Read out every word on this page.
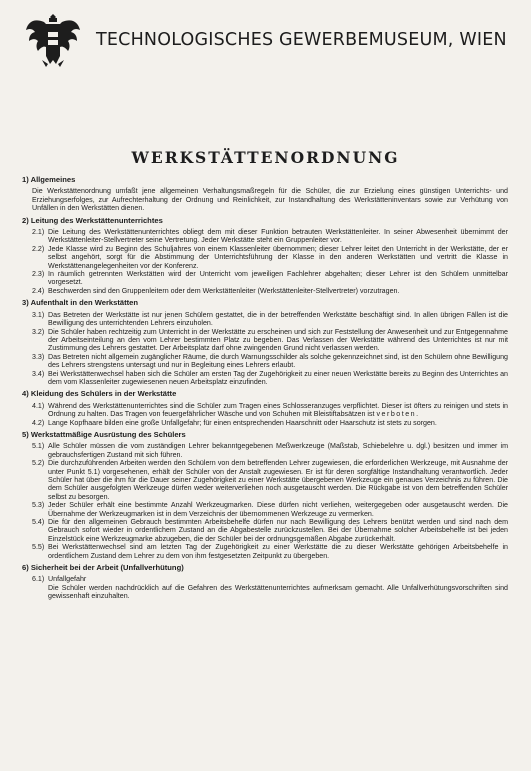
TECHNOLOGISCHES GEWERBEMUSEUM, WIEN
WERKSTÄTTENORDNUNG
1) Allgemeines
Die Werkstättenordnung umfaßt jene allgemeinen Verhaltungsmaßregeln für die Schüler, die zur Erzielung eines günstigen Unterrichts- und Erziehungserfolges, zur Aufrechterhaltung der Ordnung und Reinlichkeit, zur Instandhaltung des Werkstätteninventars sowie zur Verhütung von Unfällen in den Werkstätten dienen.
2) Leitung des Werkstättenunterrichtes
2.1) Die Leitung des Werkstättenunterrichtes obliegt dem mit dieser Funktion betrauten Werkstättenleiter. In seiner Abwesenheit übernimmt der Werkstättenleiter-Stellvertreter seine Vertretung. Jeder Werkstätte steht ein Gruppenleiter vor.
2.2) Jede Klasse wird zu Beginn des Schuljahres von einem Klassenleiter übernommen; dieser Lehrer leitet den Unterricht in der Werkstätte, der er selbst angehört, sorgt für die Abstimmung der Unterrichtsführung der Klasse in den anderen Werkstätten und vertritt die Klasse in Werkstättenangelegenheiten vor der Konferenz.
2.3) In räumlich getrennten Werkstätten wird der Unterricht vom jeweiligen Fachlehrer abgehalten; dieser Lehrer ist den Schülern unmittelbar vorgesetzt.
2.4) Beschwerden sind den Gruppenleitern oder dem Werkstättenleiter (Werkstättenleiter-Stellvertreter) vorzutragen.
3) Aufenthalt in den Werkstätten
3.1) Das Betreten der Werkstätte ist nur jenen Schülern gestattet, die in der betreffenden Werkstätte beschäftigt sind. In allen übrigen Fällen ist die Bewilligung des unterrichtenden Lehrers einzuholen.
3.2) Die Schüler haben rechtzeitig zum Unterricht in der Werkstätte zu erscheinen und sich zur Feststellung der Anwesenheit und zur Entgegennahme der Arbeitseinteilung an den vom Lehrer bestimmten Platz zu begeben. Das Verlassen der Werkstätte während des Unterrichtes ist nur mit Zustimmung des Lehrers gestattet. Der Arbeitsplatz darf ohne zwingenden Grund nicht verlassen werden.
3.3) Das Betreten nicht allgemein zugänglicher Räume, die durch Warnungsschilder als solche gekennzeichnet sind, ist den Schülern ohne Bewilligung des Lehrers strengstens untersagt und nur in Begleitung eines Lehrers erlaubt.
3.4) Bei Werkstättenwechsel haben sich die Schüler am ersten Tag der Zugehörigkeit zu einer neuen Werkstätte bereits zu Beginn des Unterrichtes an dem vom Klassenleiter zugewiesenen neuen Arbeitsplatz einzufinden.
4) Kleidung des Schülers in der Werkstätte
4.1) Während des Werkstättenunterrichtes sind die Schüler zum Tragen eines Schlosseranzuges verpflichtet. Dieser ist öfters zu reinigen und stets in Ordnung zu halten. Das Tragen von feuergefährlicher Wäsche und von Schuhen mit Bleistiftabsätzen ist verboten.
4.2) Lange Kopfhaare bilden eine große Unfallgefahr; für einen entsprechenden Haarschnitt oder Haarschutz ist stets zu sorgen.
5) Werkstattmäßige Ausrüstung des Schülers
5.1) Alle Schüler müssen die vom zuständigen Lehrer bekanntgegebenen Meßwerkzeuge (Maßstab, Schiebelehre u. dgl.) besitzen und immer im gebrauchsfertigen Zustand mit sich führen.
5.2) Die durchzuführenden Arbeiten werden den Schülern von dem betreffenden Lehrer zugewiesen, die erforderlichen Werkzeuge, mit Ausnahme der unter Punkt 5.1) vorgesehenen, erhält der Schüler von der Anstalt zugewiesen. Er ist für deren sorgfältige Instandhaltung verantwortlich. Jeder Schüler hat über die ihm für die Dauer seiner Zugehörigkeit zu einer Werkstätte übergebenen Werkzeuge ein genaues Verzeichnis zu führen. Die dem Schüler ausgefolgten Werkzeuge dürfen weder weiterverliehen noch ausgetauscht werden. Die Rückgabe ist von dem betreffenden Schüler selbst zu besorgen.
5.3) Jeder Schüler erhält eine bestimmte Anzahl Werkzeugmarken. Diese dürfen nicht verliehen, weitergegeben oder ausgetauscht werden. Die Übernahme der Werkzeugmarken ist in dem Verzeichnis der übernommenen Werkzeuge zu vermerken.
5.4) Die für den allgemeinen Gebrauch bestimmten Arbeitsbehelfe dürfen nur nach Bewilligung des Lehrers benützt werden und sind nach dem Gebrauch sofort wieder in ordentlichem Zustand an die Abgabestelle zurückzustellen. Bei der Übernahme solcher Arbeitsbehelfe ist bei jeden Einzelstück eine Werkzeugmarke abzugeben, die der Schüler bei der ordnungsgemäßen Abgabe zurückerhält.
5.5) Bei Werkstättenwechsel sind am letzten Tag der Zugehörigkeit zu einer Werkstätte die zu dieser Werkstätte gehörigen Arbeitsbehelfe in ordentlichem Zustand dem Lehrer zu dem von ihm festgesetzten Zeitpunkt zu übergeben.
6) Sicherheit bei der Arbeit (Unfallverhütung)
6.1) Unfallgefahr
Die Schüler werden nachdrücklich auf die Gefahren des Werkstättenunterrichtes aufmerksam gemacht. Alle Unfallverhütungsvorschriften sind gewissenhaft einzuhalten.
